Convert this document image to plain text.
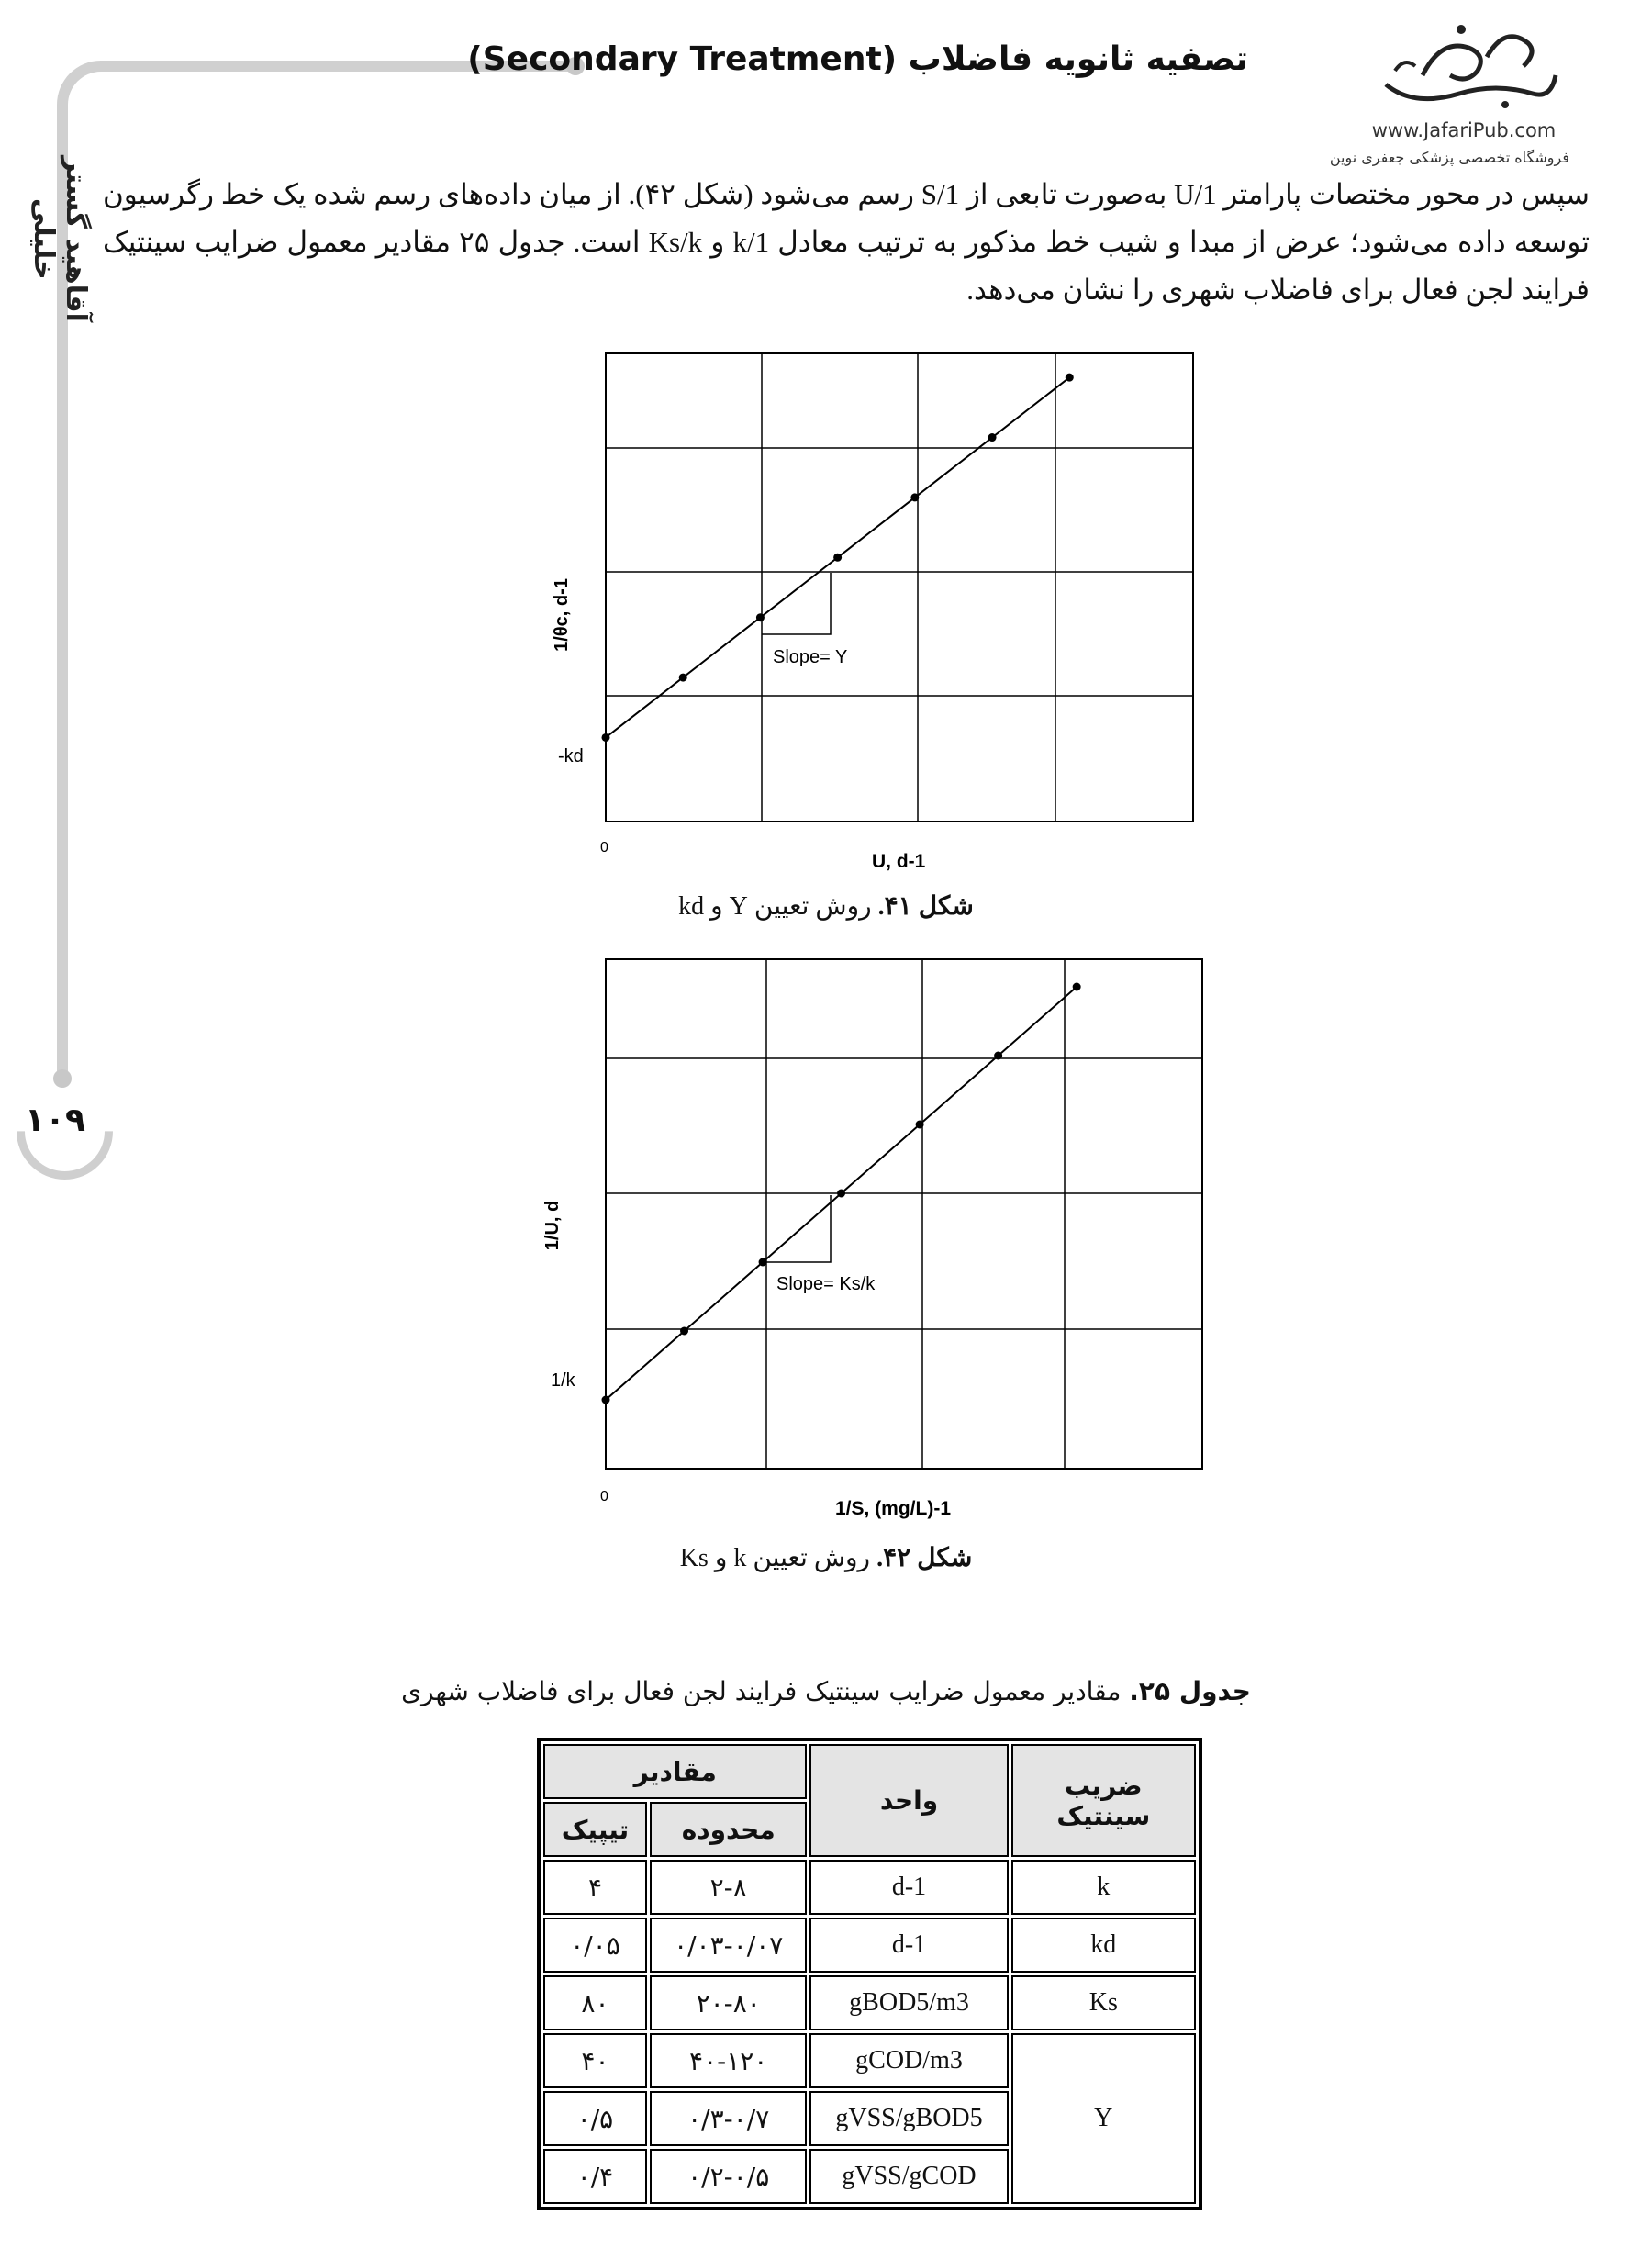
آقاهید گستر خلیلی
۱۰۹
تصفیه ثانویه فاضلاب (Secondary Treatment)
www.JafariPub.com
فروشگاه تخصصی پزشکی جعفری نوین
سپس در محور مختصات پارامتر 1/U به‌صورت تابعی از 1/S رسم می‌شود (شکل ۴۲). از میان داده‌های رسم شده یک خط رگرسیون توسعه داده می‌شود؛ عرض از مبدا و شیب خط مذکور به ترتیب معادل 1/k و Ks/k است. جدول ۲۵ مقادیر معمول ضرایب سینتیک فرایند لجن فعال برای فاضلاب شهری را نشان می‌دهد.
Slope= Y
-kd
0
U, d-1
1/θc, d-1
شکل ۴۱. روش تعیین Y و kd
Slope= Ks/k
1/k
0
1/S, (mg/L)-1
1/U, d
شکل ۴۲. روش تعیین k و Ks
جدول ۲۵. مقادیر معمول ضرایب سینتیک فرایند لجن فعال برای فاضلاب شهری
ضریب سینتیک	واحد	مقادیر	
		محدوده	تیپیک
k	d-1	۲-۸	۴
kd	d-1	۰/۰۳-۰/۰۷	۰/۰۵
Ks	gBOD5/m3	۲۰-۸۰	۸۰
Y	gCOD/m3	۴۰-۱۲۰	۴۰
	gVSS/gBOD5	۰/۳-۰/۷	۰/۵
	gVSS/gCOD	۰/۲-۰/۵	۰/۴
